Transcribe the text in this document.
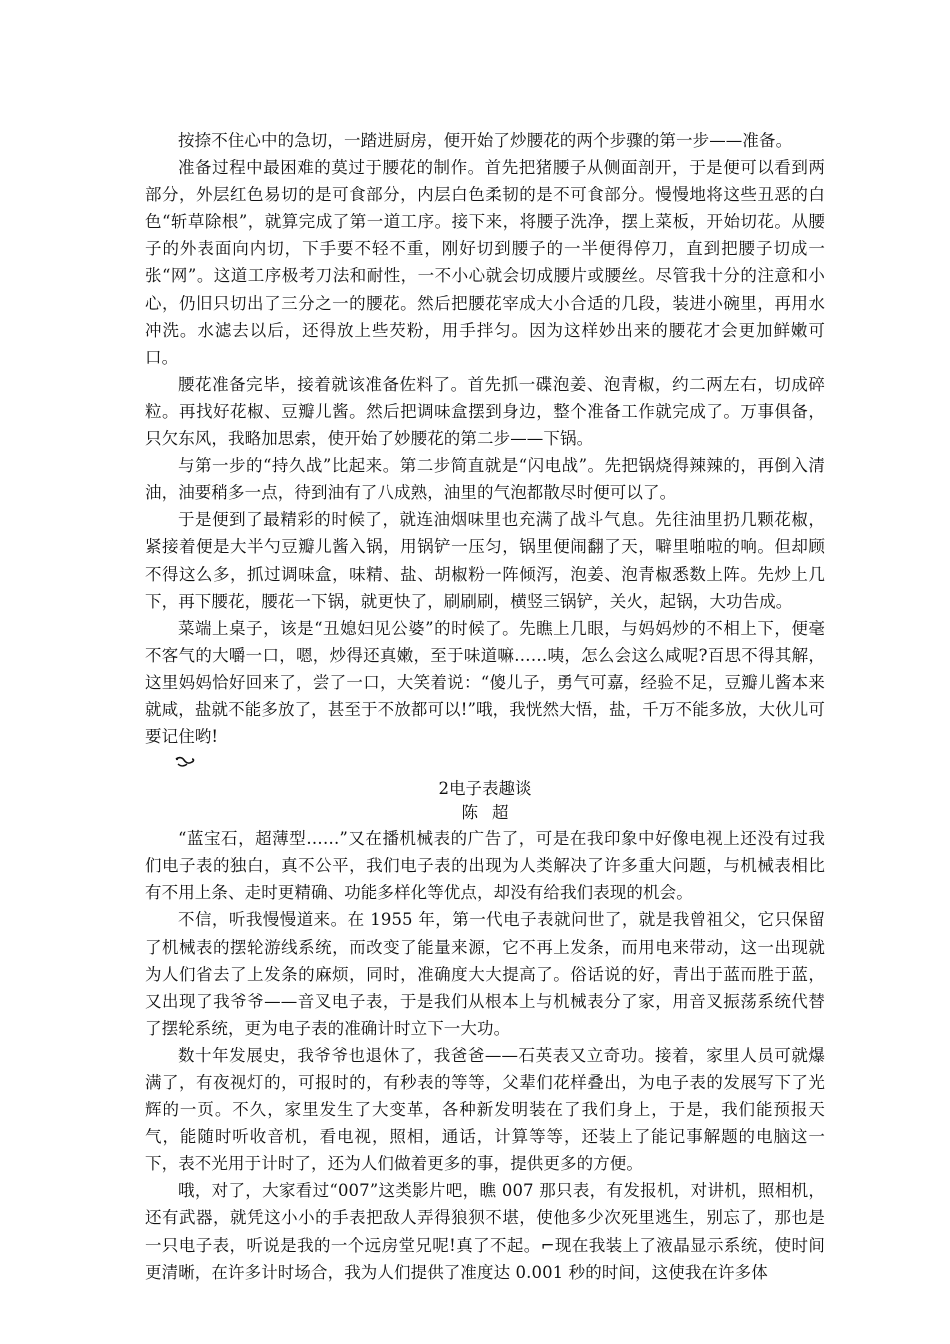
按捺不住心中的急切，一踏进厨房，便开始了炒腰花的两个步骤的第一步——准备。

准备过程中最困难的莫过于腰花的制作。首先把猪腰子从侧面剖开，于是便可以看到两部分，外层红色易切的是可食部分，内层白色柔韧的是不可食部分。慢慢地将这些丑恶的白色“斩草除根”，就算完成了第一道工序。接下来，将腰子洗净，摆上菜板，开始切花。从腰子的外表面向内切，下手要不轻不重，刚好切到腰子的一半便得停刀，直到把腰子切成一张“网”。这道工序极考刀法和耐性，一不小心就会切成腰片或腰丝。尽管我十分的注意和小心，仍旧只切出了三分之一的腰花。然后把腰花宰成大小合适的几段，装进小碗里，再用水冲洗。水滤去以后，还得放上些芡粉，用手拌匀。因为这样妙出来的腰花才会更加鲜嫩可口。

腰花准备完毕，接着就该准备佐料了。首先抓一碟泡姜、泡青椒，约二两左右，切成碎粒。再找好花椒、豆瓣儿酱。然后把调味盒摆到身边，整个准备工作就完成了。万事俱备，只欠东风，我略加思索，使开始了妙腰花的第二步——下锅。

与第一步的“持久战”比起来。第二步简直就是“闪电战”。先把锅烧得辣辣的，再倒入清油，油要稍多一点，待到油有了八成熟，油里的气泡都散尽时便可以了。

于是便到了最精彩的时候了，就连油烟味里也充满了战斗气息。先往油里扔几颗花椒，紧接着便是大半勺豆瓣儿酱入锅，用锅铲一压匀，锅里便闹翻了天，噼里啪啦的响。但却顾不得这么多，抓过调味盒，味精、盐、胡椒粉一阵倾泻，泡姜、泡青椒悉数上阵。先炒上几下，再下腰花，腰花一下锅，就更快了，刷刷刷，横竖三锅铲，关火，起锅，大功告成。

菜端上桌子，该是“丑媳妇见公婆”的时候了。先瞧上几眼，与妈妈炒的不相上下，便毫不客气的大嚼一口，嗯，炒得还真嫩，至于味道嘛……咦，怎么会这么咸呢?百思不得其解，这里妈妈恰好回来了，尝了一口，大笑着说：“傻儿子，勇气可嘉，经验不足，豆瓣儿酱本来就咸，盐就不能多放了，甚至于不放都可以!”哦，我恍然大悟，盐，千万不能多放，大伙儿可要记住哟!

2电子表趣谈

陈超

“蓝宝石，超薄型……”又在播机械表的广告了，可是在我印象中好像电视上还没有过我们电子表的独白，真不公平，我们电子表的出现为人类解决了许多重大问题，与机械表相比有不用上条、走时更精确、功能多样化等优点，却没有给我们表现的机会。

不信，听我慢慢道来。在 1955 年，第一代电子表就问世了，就是我曾祖父，它只保留了机械表的摆轮游线系统，而改变了能量来源，它不再上发条，而用电来带动，这一出现就为人们省去了上发条的麻烦，同时，准确度大大提高了。俗话说的好，青出于蓝而胜于蓝，又出现了我爷爷——音叉电子表，于是我们从根本上与机械表分了家，用音叉振荡系统代替了摆轮系统，更为电子表的准确计时立下一大功。

数十年发展史，我爷爷也退休了，我爸爸——石英表又立奇功。接着，家里人员可就爆满了，有夜视灯的，可报时的，有秒表的等等，父辈们花样叠出，为电子表的发展写下了光辉的一页。不久，家里发生了大变革，各种新发明装在了我们身上，于是，我们能预报天气，能随时听收音机，看电视，照相，通话，计算等等，还装上了能记事解题的电脑这一下，表不光用于计时了，还为人们做着更多的事，提供更多的方便。

哦，对了，大家看过“007”这类影片吧，瞧 007 那只表，有发报机，对讲机，照相机，还有武器，就凭这小小的手表把敌人弄得狼狈不堪，使他多少次死里逃生，别忘了，那也是一只电子表，听说是我的一个远房堂兄呢!真了不起。⌐现在我装上了液晶显示系统，使时间更清晰，在许多计时场合，我为人们提供了准度达 0.001 秒的时间，这使我在许多体
